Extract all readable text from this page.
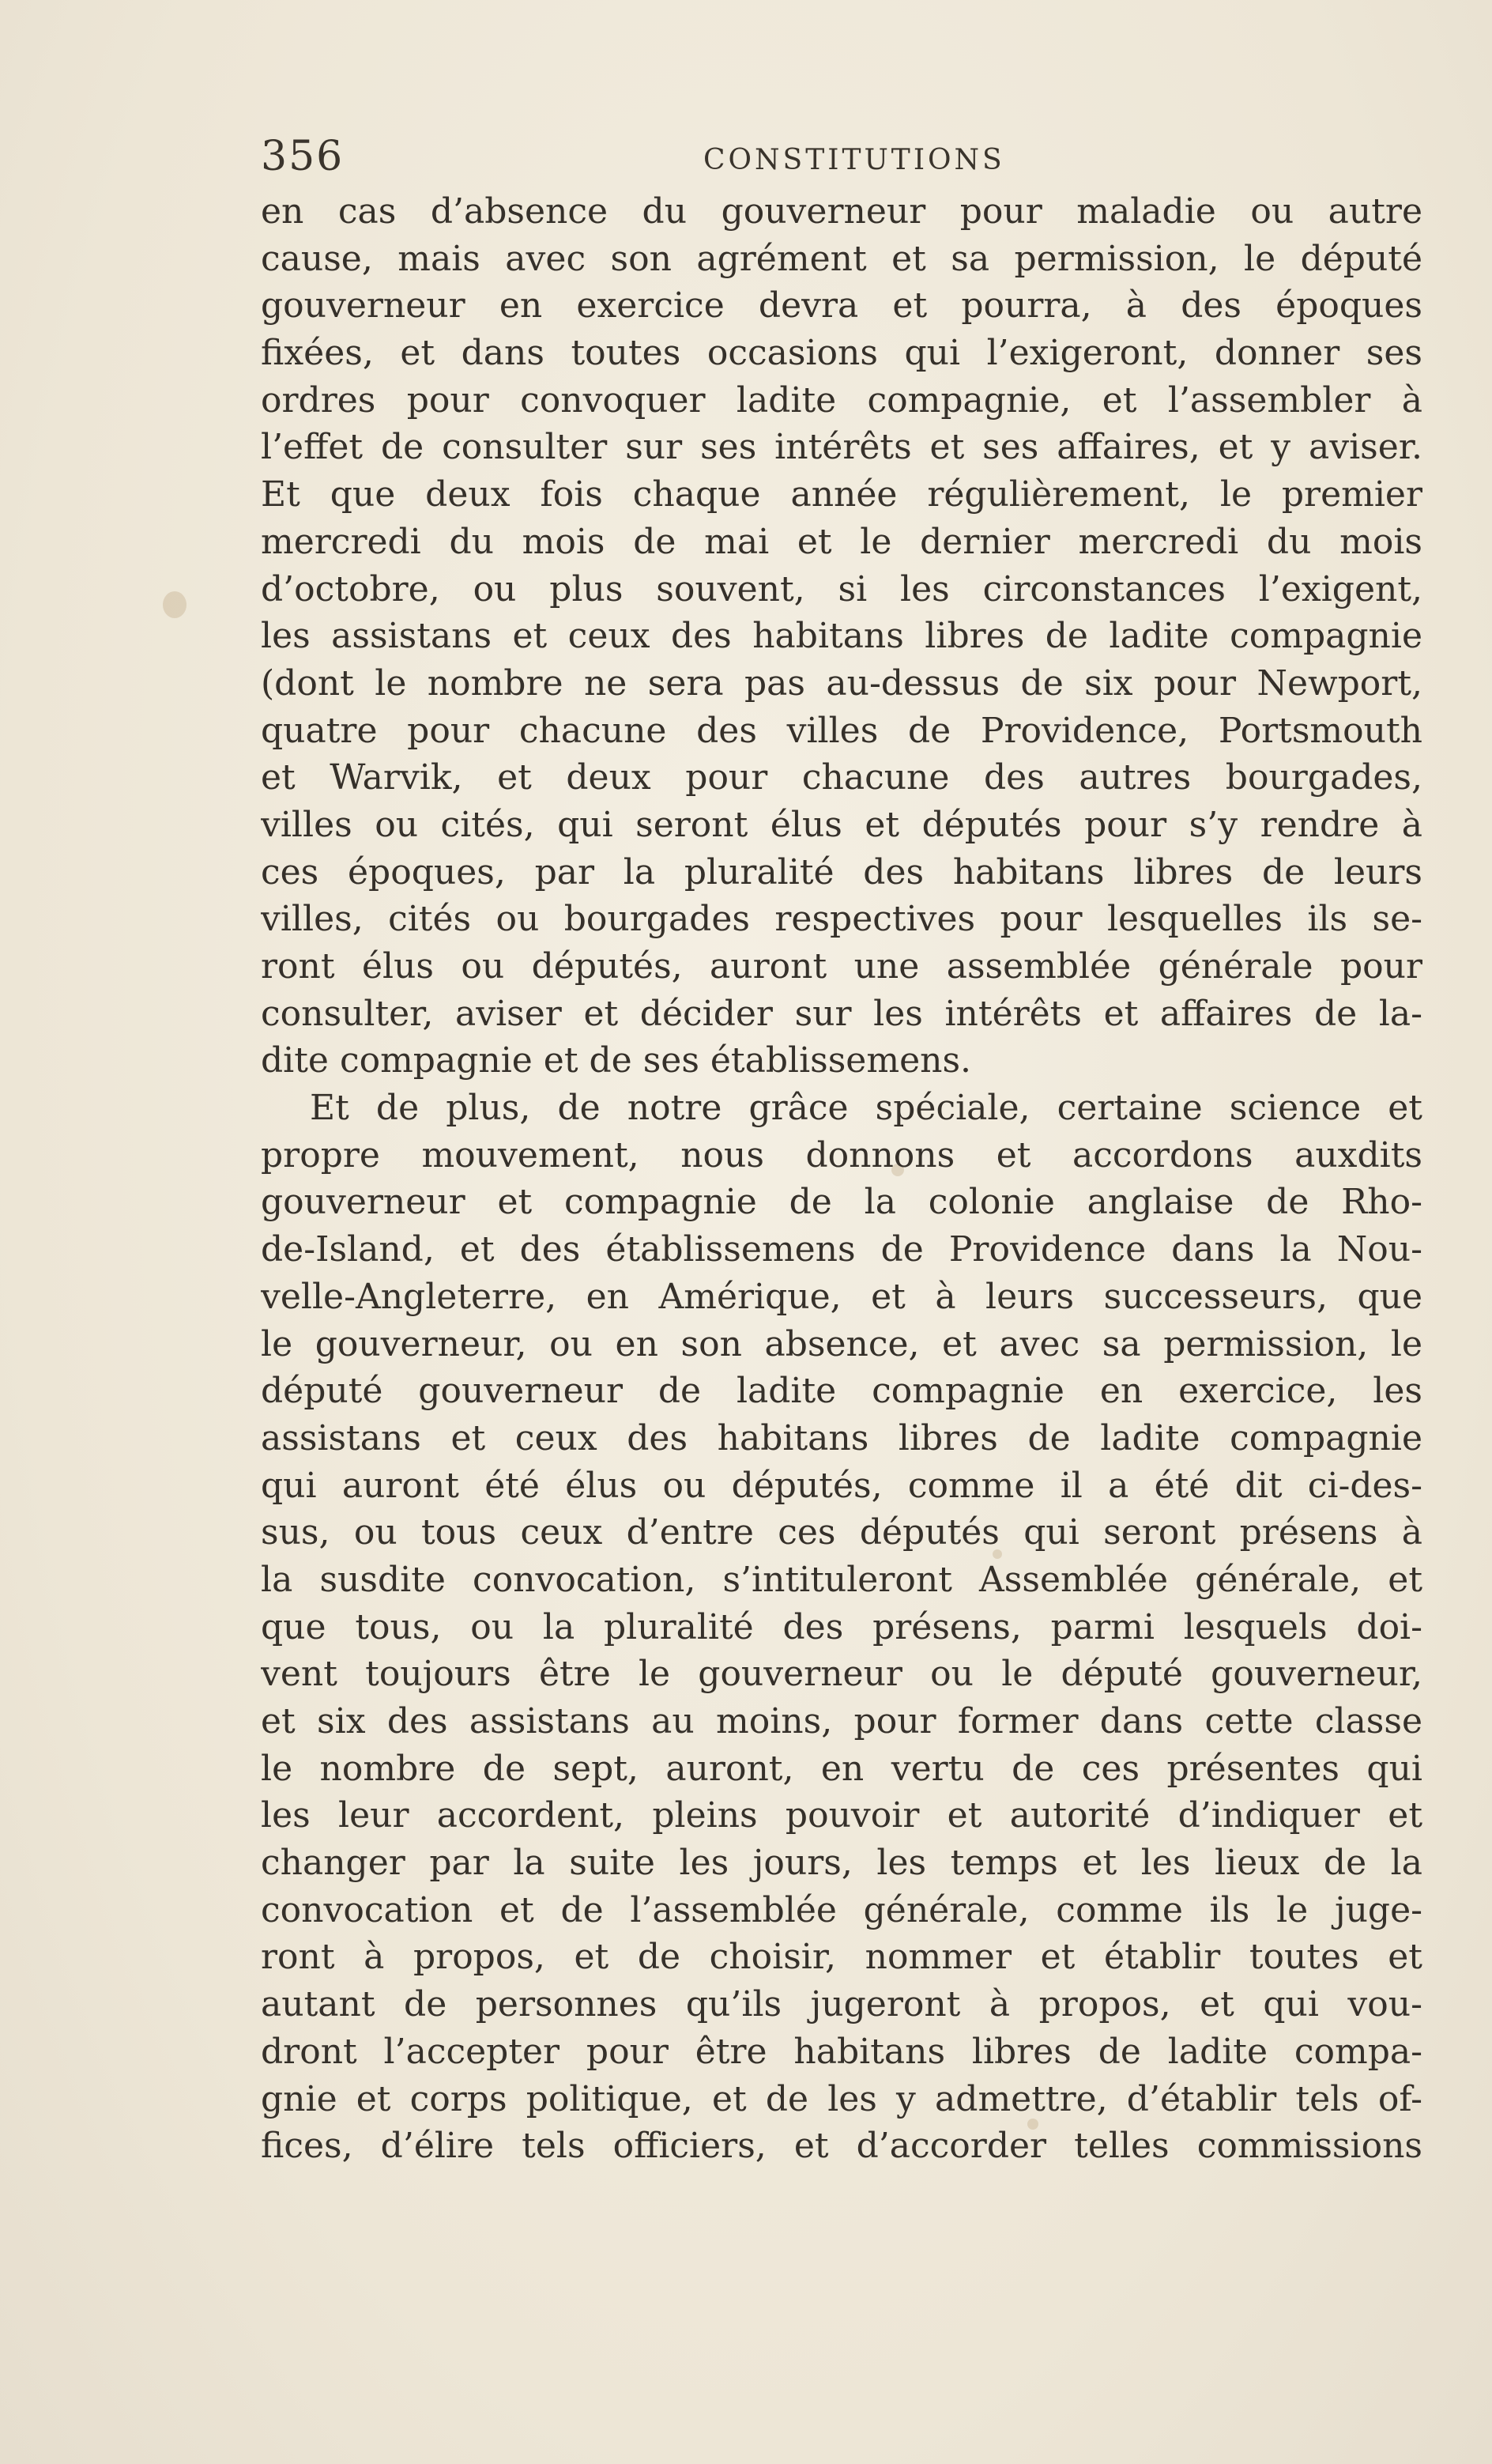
356	CONSTITUTIONS
en cas d’absence du gouverneur pour maladie ou autre
cause, mais avec son agrément et sa permission, le député
gouverneur en exercice devra et pourra, à des époques
fixées, et dans toutes occasions qui l’exigeront, donner ses
ordres pour convoquer ladite compagnie, et l’assembler à
l’effet de consulter sur ses intérêts et ses affaires, et y aviser.
Et que deux fois chaque année régulièrement, le premier
mercredi du mois de mai et le dernier mercredi du mois
d’octobre, ou plus souvent, si les circonstances l’exigent,
les assistans et ceux des habitans libres de ladite compagnie
(dont le nombre ne sera pas au-dessus de six pour Newport,
quatre pour chacune des villes de Providence, Portsmouth
et Warvik, et deux pour chacune des autres bourgades,
villes ou cités, qui seront élus et députés pour s’y rendre à
ces époques, par la pluralité des habitans libres de leurs
villes, cités ou bourgades respectives pour lesquelles ils se-
ront élus ou députés, auront une assemblée générale pour
consulter, aviser et décider sur les intérêts et affaires de la-
dite compagnie et de ses établissemens.
Et de plus, de notre grâce spéciale, certaine science et
propre mouvement, nous donnons et accordons auxdits
gouverneur et compagnie de la colonie anglaise de Rho-
de-Island, et des établissemens de Providence dans la Nou-
velle-Angleterre, en Amérique, et à leurs successeurs, que
le gouverneur, ou en son absence, et avec sa permission, le
député gouverneur de ladite compagnie en exercice, les
assistans et ceux des habitans libres de ladite compagnie
qui auront été élus ou députés, comme il a été dit ci-des-
sus, ou tous ceux d’entre ces députés qui seront présens à
la susdite convocation, s’intituleront Assemblée générale, et
que tous, ou la pluralité des présens, parmi lesquels doi-
vent toujours être le gouverneur ou le député gouverneur,
et six des assistans au moins, pour former dans cette classe
le nombre de sept, auront, en vertu de ces présentes qui
les leur accordent, pleins pouvoir et autorité d’indiquer et
changer par la suite les jours, les temps et les lieux de la
convocation et de l’assemblée générale, comme ils le juge-
ront à propos, et de choisir, nommer et établir toutes et
autant de personnes qu’ils jugeront à propos, et qui vou-
dront l’accepter pour être habitans libres de ladite compa-
gnie et corps politique, et de les y admettre, d’établir tels of-
fices, d’élire tels officiers, et d’accorder telles commissions
